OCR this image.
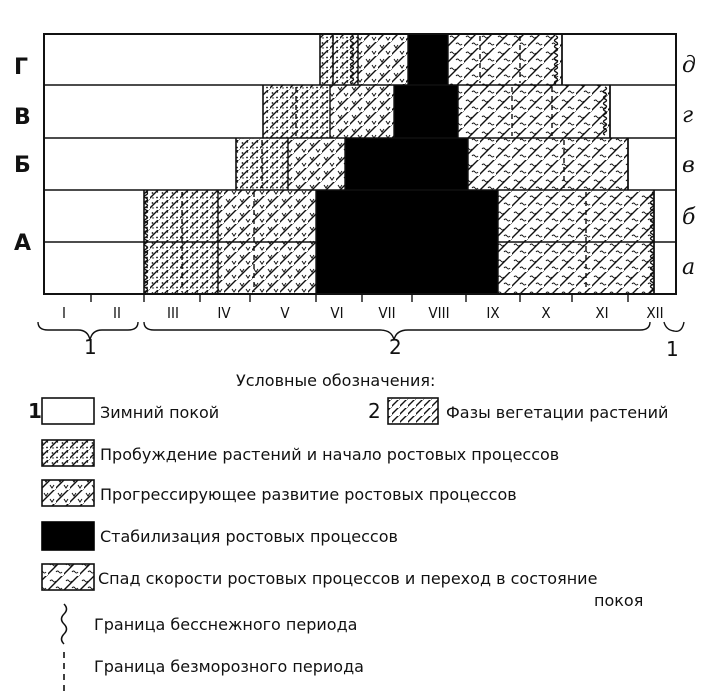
Г
В
Б
А
д
г
в
б
а
I	II	III	IV	V	VI VII VIII IX	X	XI	XII
1	2	1
Условные обозначения:
1	Зимний покой	2	Фазы вегетации растений
Пробуждение растений и начало ростовых процессов
Прогрессирующее развитие ростовых процессов
Стабилизация ростовых процессов
Спад скорости ростовых процессов и переход в состояние
покоя
Граница бесснежного периода
Граница безморозного периода
